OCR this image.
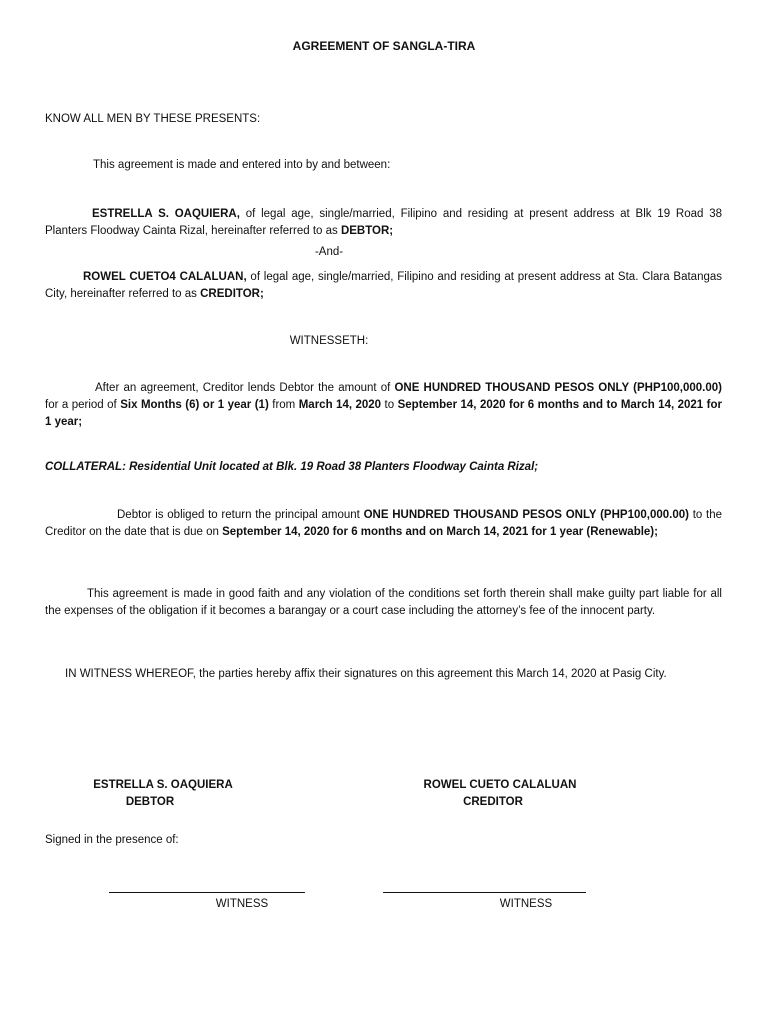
AGREEMENT OF SANGLA-TIRA

KNOW ALL MEN BY THESE PRESENTS:

This agreement is made and entered into by and between:

ESTRELLA S. OAQUIERA, of legal age, single/married, Filipino and residing at present address at Blk 19 Road 38 Planters Floodway Cainta Rizal, hereinafter referred to as DEBTOR;

-And-

ROWEL CUETO4 CALALUAN, of legal age, single/married, Filipino and residing at present address at Sta. Clara Batangas City, hereinafter referred to as CREDITOR;

WITNESSETH:

After an agreement, Creditor lends Debtor the amount of ONE HUNDRED THOUSAND PESOS ONLY (PHP100,000.00) for a period of Six Months (6) or 1 year (1) from March 14, 2020 to September 14, 2020 for 6 months and to March 14, 2021 for 1 year;

COLLATERAL: Residential Unit located at Blk. 19 Road 38 Planters Floodway Cainta Rizal;

Debtor is obliged to return the principal amount ONE HUNDRED THOUSAND PESOS ONLY (PHP100,000.00) to the Creditor on the date that is due on September 14, 2020 for 6 months and on March 14, 2021 for 1 year (Renewable);

This agreement is made in good faith and any violation of the conditions set forth therein shall make guilty part liable for all the expenses of the obligation if it becomes a barangay or a court case including the attorney’s fee of the innocent party.

IN WITNESS WHEREOF, the parties hereby affix their signatures on this agreement this March 14, 2020 at Pasig City.

ESTRELLA S. OAQUIERA
DEBTOR
ROWEL CUETO CALALUAN
CREDITOR

Signed in the presence of:

WITNESS	WITNESS
